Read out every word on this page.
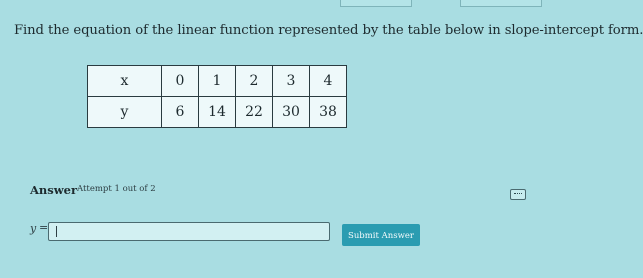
Find the equation of the linear function represented by the table below in slope-intercept form.
x	0	1	2	3	4
y	6	14	22	30	38
Answer Attempt 1 out of 2
y =
Submit Answer
